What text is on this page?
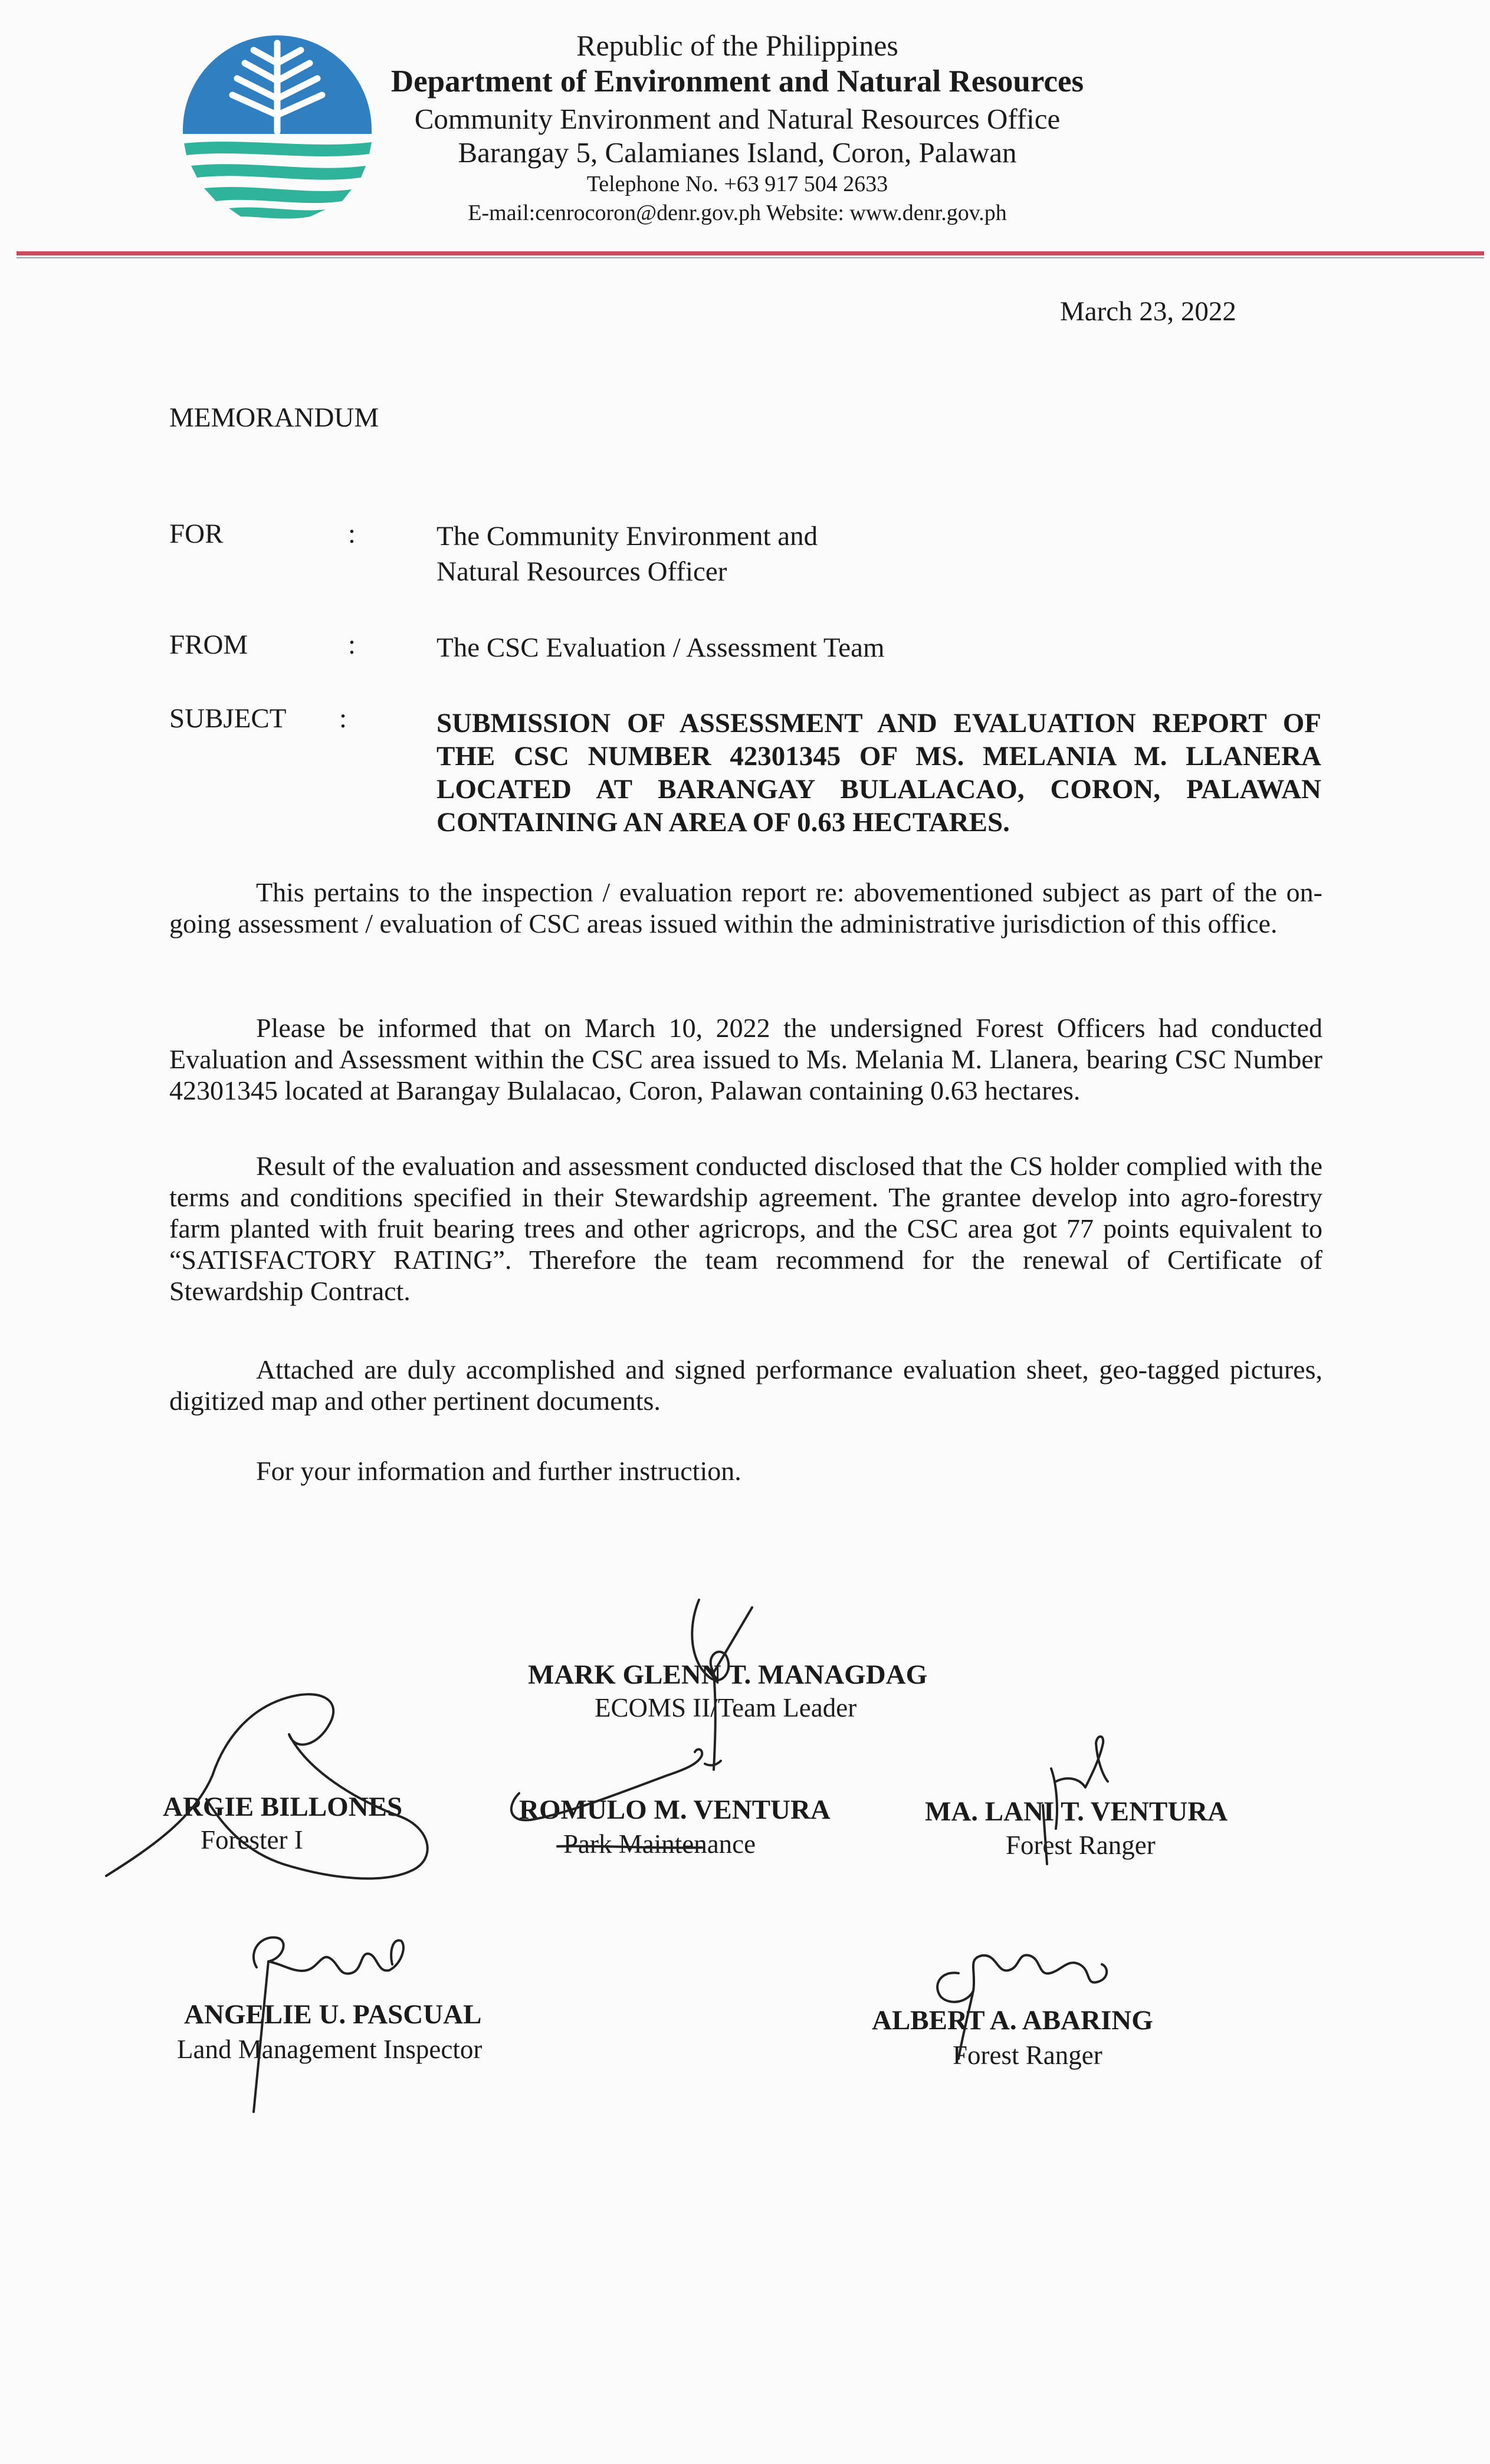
Republic of the Philippines
Department of Environment and Natural Resources
Community Environment and Natural Resources Office
Barangay 5, Calamianes Island, Coron, Palawan
Telephone No. +63 917 504 2633
E-mail:cenrocoron@denr.gov.ph Website: www.denr.gov.ph
March 23, 2022
MEMORANDUM
FOR	:	The Community Environment and
Natural Resources Officer
FROM	:	The CSC Evaluation / Assessment Team
SUBJECT :	SUBMISSION OF ASSESSMENT AND EVALUATION REPORT OF THE CSC NUMBER 42301345 OF MS. MELANIA M. LLANERA LOCATED AT BARANGAY BULALACAO, CORON, PALAWAN CONTAINING AN AREA OF 0.63 HECTARES.
This pertains to the inspection / evaluation report re: abovementioned subject as part of the on-going assessment / evaluation of CSC areas issued within the administrative jurisdiction of this office.
Please be informed that on March 10, 2022 the undersigned Forest Officers had conducted Evaluation and Assessment within the CSC area issued to Ms. Melania M. Llanera, bearing CSC Number 42301345 located at Barangay Bulalacao, Coron, Palawan containing 0.63 hectares.
Result of the evaluation and assessment conducted disclosed that the CS holder complied with the terms and conditions specified in their Stewardship agreement. The grantee develop into agro-forestry farm planted with fruit bearing trees and other agricrops, and the CSC area got 77 points equivalent to “SATISFACTORY RATING”. Therefore the team recommend for the renewal of Certificate of Stewardship Contract.
Attached are duly accomplished and signed performance evaluation sheet, geo-tagged pictures, digitized map and other pertinent documents.
For your information and further instruction.
MARK GLENN T. MANAGDAG
ECOMS II/Team Leader
ARGIE BILLONES
Forester I
ROMULO M. VENTURA
Park Maintenance
MA. LANI T. VENTURA
Forest Ranger
ANGELIE U. PASCUAL
Land Management Inspector
ALBERT A. ABARING
Forest Ranger
